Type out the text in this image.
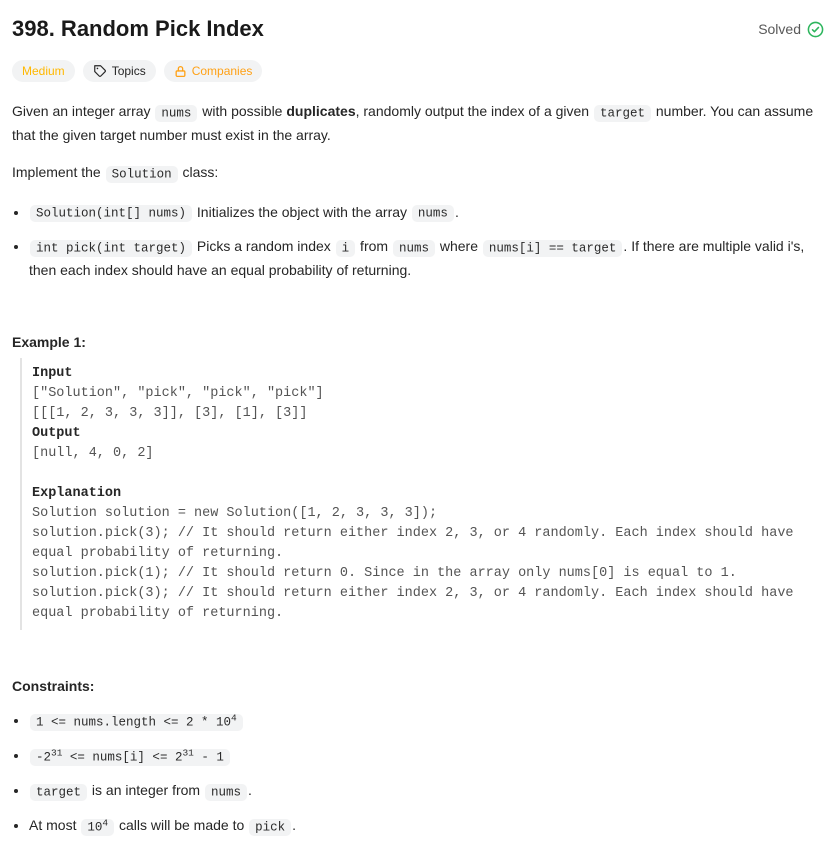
398. Random Pick Index	Solved
Medium	Topics	Companies

Given an integer array nums with possible duplicates, randomly output the index of a given target number. You can assume that the given target number must exist in the array.

Implement the Solution class:

• Solution(int[] nums) Initializes the object with the array nums .
• int pick(int target) Picks a random index i from nums where nums[i] == target . If there are multiple valid i's, then each index should have an equal probability of returning.

Example 1:

Input
["Solution", "pick", "pick", "pick"]
[[[1, 2, 3, 3, 3]], [3], [1], [3]]
Output
[null, 4, 0, 2]
Explanation
Solution solution = new Solution([1, 2, 3, 3, 3]);
solution.pick(3); // It should return either index 2, 3, or 4 randomly. Each index should have equal probability of returning.
solution.pick(1); // It should return 0. Since in the array only nums[0] is equal to 1.
solution.pick(3); // It should return either index 2, 3, or 4 randomly. Each index should have equal probability of returning.

Constraints:

• 1 <= nums.length <= $2 * 10^4$
• $-2^{31}$ <= nums[i] <= $2^{31} - 1$
• target is an integer from nums .
• At most $10^4$ calls will be made to pick .
